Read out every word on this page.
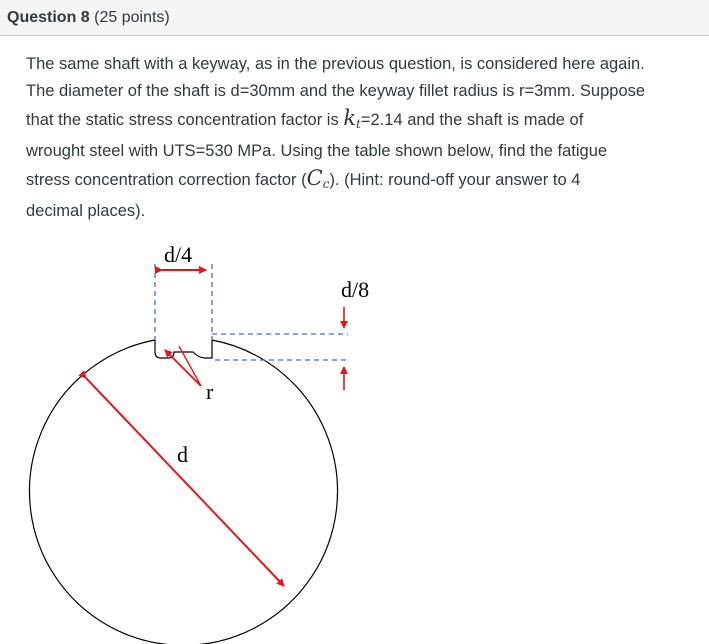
Question 8 (25 points)
The same shaft with a keyway, as in the previous question, is considered here again.
The diameter of the shaft is d=30mm and the keyway fillet radius is r=3mm. Suppose
that the static stress concentration factor is $k_t=2.14$ and the shaft is made of
wrought steel with UTS=530 MPa. Using the table shown below, find the fatigue
stress concentration correction factor $(C_c)$. (Hint: round-off your answer to 4
decimal places).
d/4
d/8
r
d
